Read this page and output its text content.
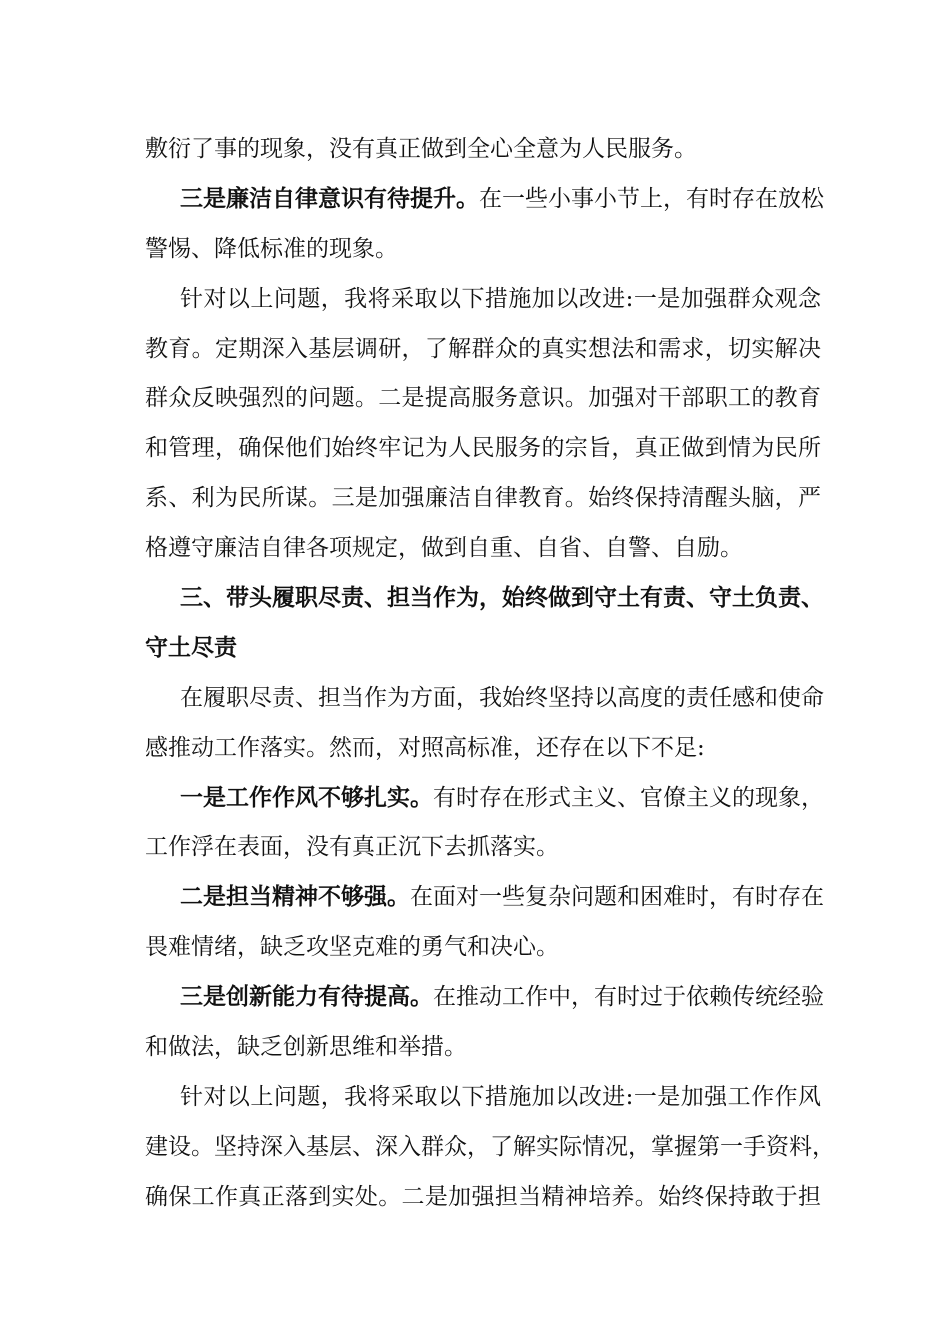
敷衍了事的现象，没有真正做到全心全意为人民服务。
三是廉洁自律意识有待提升。在一些小事小节上，有时存在放松
警惕、降低标准的现象。
针对以上问题，我将采取以下措施加以改进:一是加强群众观念
教育。定期深入基层调研，了解群众的真实想法和需求，切实解决
群众反映强烈的问题。二是提高服务意识。加强对干部职工的教育
和管理，确保他们始终牢记为人民服务的宗旨，真正做到情为民所
系、利为民所谋。三是加强廉洁自律教育。始终保持清醒头脑，严
格遵守廉洁自律各项规定，做到自重、自省、自警、自励。
三、带头履职尽责、担当作为，始终做到守土有责、守土负责、
守土尽责
在履职尽责、担当作为方面，我始终坚持以高度的责任感和使命
感推动工作落实。然而，对照高标准，还存在以下不足:
一是工作作风不够扎实。有时存在形式主义、官僚主义的现象，
工作浮在表面，没有真正沉下去抓落实。
二是担当精神不够强。在面对一些复杂问题和困难时，有时存在
畏难情绪，缺乏攻坚克难的勇气和决心。
三是创新能力有待提高。在推动工作中，有时过于依赖传统经验
和做法，缺乏创新思维和举措。
针对以上问题，我将采取以下措施加以改进:一是加强工作作风
建设。坚持深入基层、深入群众，了解实际情况，掌握第一手资料，
确保工作真正落到实处。二是加强担当精神培养。始终保持敢于担
